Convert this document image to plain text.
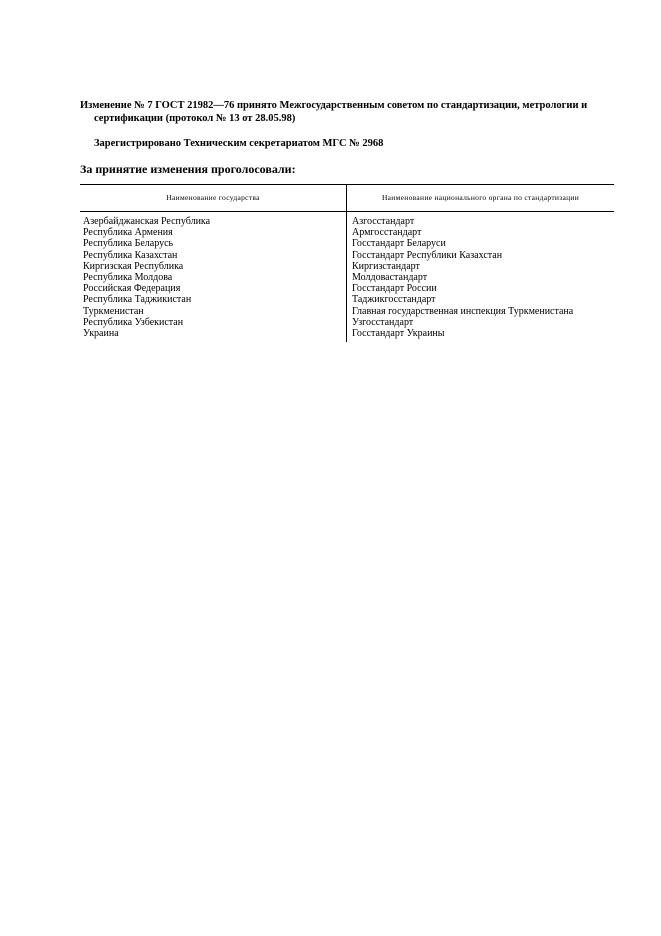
Изменение № 7 ГОСТ 21982—76 принято Межгосударственным советом по стандартизации, метрологии и
сертификации (протокол № 13 от 28.05.98)
Зарегистрировано Техническим секретариатом МГС № 2968
За принятие изменения проголосовали:
Наименование государства	Наименование национального органа по стандартизации
Азербайджанская Республика	Азгосстандарт
Республика Армения	Армгосстандарт
Республика Беларусь	Госстандарт Беларуси
Республика Казахстан	Госстандарт Республики Казахстан
Киргизская Республика	Киргизстандарт
Республика Молдова	Молдовастандарт
Российская Федерация	Госстандарт России
Республика Таджикистан	Таджикгосстандарт
Туркменистан	Главная государственная инспекция Туркменистана
Республика Узбекистан	Узгосстандарт
Украина	Госстандарт Украины
